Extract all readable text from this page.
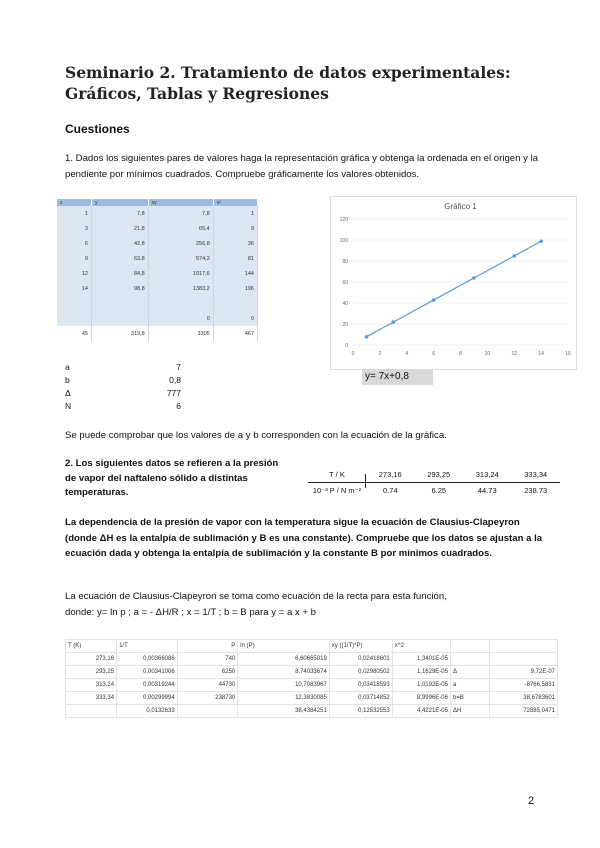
Seminario 2. Tratamiento de datos experimentales: Gráficos, Tablas y Regresiones
Cuestiones
1. Dados los siguientes pares de valores haga la representación gráfica y obtenga la ordenada en el origen y la pendiente por mínimos cuadrados. Compruebe gráficamente los valores obtenidos.
x	y	xy	x²
1	7,8	7,8	1
3	21,8	65,4	9
6	42,8	256,8	36
9	63,8	574,2	81
12	84,8	1017,6	144
14	98,8	1383,2	196

		0	0
45	319,8	3305	467
Gráfico 1
0
20
40
60
80
100
120
0	2	4	6	8	10	12	14	16
y= 7x+0,8
a	7
b	0,8
Δ	777
N	6
Se puede comprobar que los valores de a y b corresponden con la ecuación de la gráfica.
2. Los siguientes datos se refieren a la presión de vapor del naftaleno sólido a distintas temperaturas.
T / K	273,16	293,25	313,24	333,34
10⁻³ P / N m⁻²	0.74	6.25	44.73	238.73
La dependencia de la presión de vapor con la temperatura sigue la ecuación de Clausius-Clapeyron (donde ΔH es la entalpía de sublimación y B es una constante). Compruebe que los datos se ajustan a la ecuación dada y obtenga la entalpía de sublimación y la constante B por mínimos cuadrados.
La ecuación de Clausius-Clapeyron se toma como ecuación de la recta para esta función,
donde: y= ln p ; a = - ΔH/R ; x = 1/T ; b = B para y = a x + b
T (K)	1/T	P	ln (P)	xy ((1/T)*P)	x^2		
273,16	0,00366086	740	6,60665019	0,02418601	1,3401E-05		
293,25	0,00341006	6250	8,74033674	0,02980502	1,1629E-05	Δ	9,72E-07
313,24	0,00319244	44730	10,7083967	0,03418593	1,0192E-05	a	-8766,5831
333,34	0,00299994	238730	12,3830085	0,03714852	8,9996E-06	b=B	38,6783601
	0,0132633		38,4384251	0,12532553	4,4221E-05	ΔH	72885,0471
2
